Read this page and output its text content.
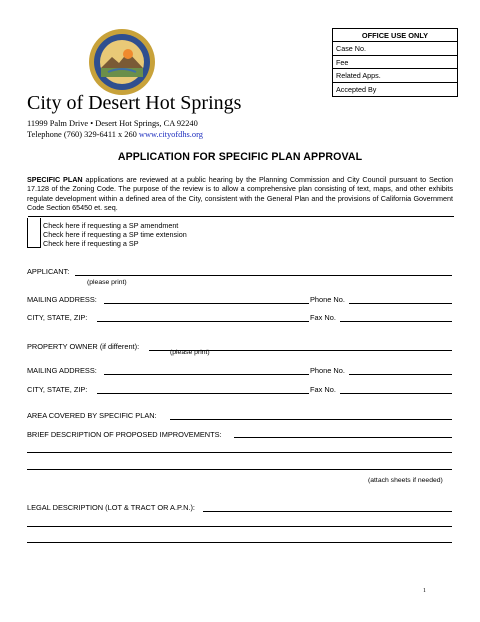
OFFICE USE ONLY
Case No.
Fee
Related Apps.
Accepted By
City of Desert Hot Springs
11999 Palm Drive • Desert Hot Springs, CA 92240
Telephone (760) 329-6411 x 260 www.cityofdhs.org
APPLICATION FOR SPECIFIC PLAN APPROVAL
SPECIFIC PLAN applications are reviewed at a public hearing by the Planning Commission and City Council pursuant to Section 17.128 of the Zoning Code. The purpose of the review is to allow a comprehensive plan consisting of text, maps, and other exhibits regulate development within a defined area of the City, consistent with the General Plan and the provisions of California Government Code Section 65450 et. seq.
Check here if requesting a SP amendment
Check here if requesting a SP time extension
Check here if requesting a SP
APPLICANT:
(please print)
MAILING ADDRESS:	Phone No.
CITY, STATE, ZIP:	Fax No.
PROPERTY OWNER (if different):
(please print)
MAILING ADDRESS:	Phone No.
CITY, STATE, ZIP:	Fax No.
AREA COVERED BY SPECIFIC PLAN:
BRIEF DESCRIPTION OF PROPOSED IMPROVEMENTS:
(attach sheets if needed)
LEGAL DESCRIPTION (LOT & TRACT OR A.P.N.):
1
